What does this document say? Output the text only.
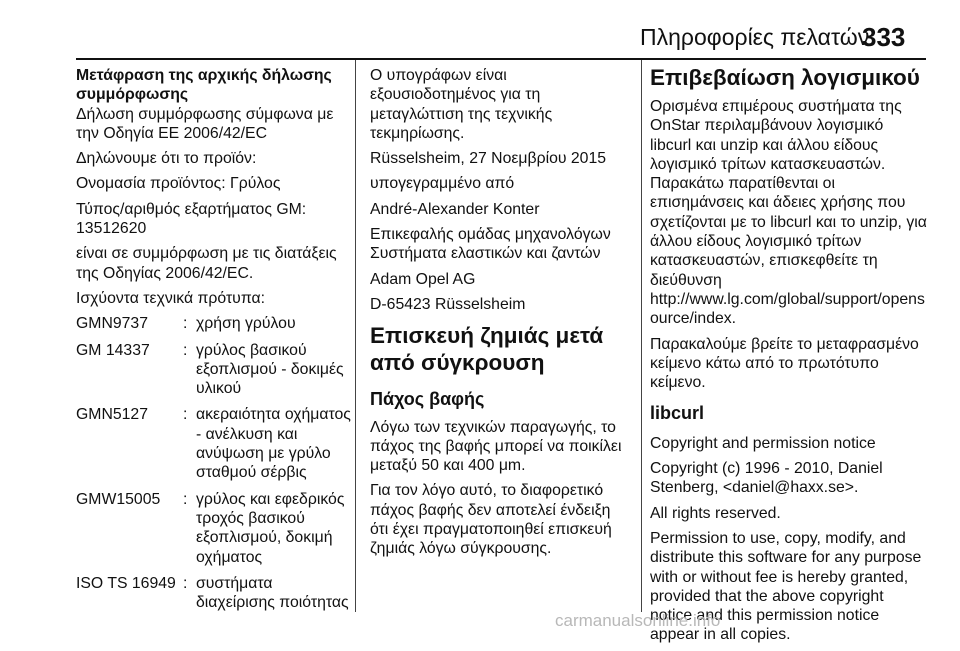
Πληροφορίες πελατών
333

Μετάφραση της αρχικής δήλωσης συμμόρφωσης

Δήλωση συμμόρφωσης σύμφωνα με την Οδηγία ΕΕ 2006/42/EC

Δηλώνουμε ότι το προϊόν:

Ονομασία προϊόντος: Γρύλος

Τύπος/αριθμός εξαρτήματος GM: 13512620

είναι σε συμμόρφωση με τις διατάξεις της Οδηγίας 2006/42/EC.

Ισχύοντα τεχνικά πρότυπα:

GMN9737	:	χρήση γρύλου
GM 14337	:	γρύλος βασικού εξοπλισμού - δοκιμές υλικού
GMN5127	:	ακεραιότητα οχήματος - ανέλκυση και ανύψωση με γρύλο σταθμού σέρβις
GMW15005	:	γρύλος και εφεδρικός τροχός βασικού εξοπλισμού, δοκιμή οχήματος
ISO TS 16949	:	συστήματα διαχείρισης ποιότητας

Ο υπογράφων είναι εξουσιοδοτημένος για τη μεταγλώττιση της τεχνικής τεκμηρίωσης.

Rüsselsheim, 27 Νοεμβρίου 2015

υπογεγραμμένο από

André-Alexander Konter

Επικεφαλής ομάδας μηχανολόγων Συστήματα ελαστικών και ζαντών

Adam Opel AG

D-65423 Rüsselsheim

Επισκευή ζημιάς μετά από σύγκρουση
Πάχος βαφής

Λόγω των τεχνικών παραγωγής, το πάχος της βαφής μπορεί να ποικίλει μεταξύ 50 και 400 μm.

Για τον λόγο αυτό, το διαφορετικό πάχος βαφής δεν αποτελεί ένδειξη ότι έχει πραγματοποιηθεί επισκευή ζημιάς λόγω σύγκρουσης.

Επιβεβαίωση λογισμικού

Ορισμένα επιμέρους συστήματα της OnStar περιλαμβάνουν λογισμικό libcurl και unzip και άλλου είδους λογισμικό τρίτων κατασκευαστών. Παρακάτω παρατίθενται οι επισημάνσεις και άδειες χρήσης που σχετίζονται με το libcurl και το unzip, για άλλου είδους λογισμικό τρίτων κατασκευαστών, επισκεφθείτε τη διεύθυνση http://www.lg.com/global/support/opensource/index.

Παρακαλούμε βρείτε το μεταφρασμένο κείμενο κάτω από το πρωτότυπο κείμενο.

libcurl

Copyright and permission notice

Copyright (c) 1996 - 2010, Daniel Stenberg, <daniel@haxx.se>.

All rights reserved.

Permission to use, copy, modify, and distribute this software for any purpose with or without fee is hereby granted, provided that the above copyright notice and this permission notice appear in all copies.

carmanualsonline.info
